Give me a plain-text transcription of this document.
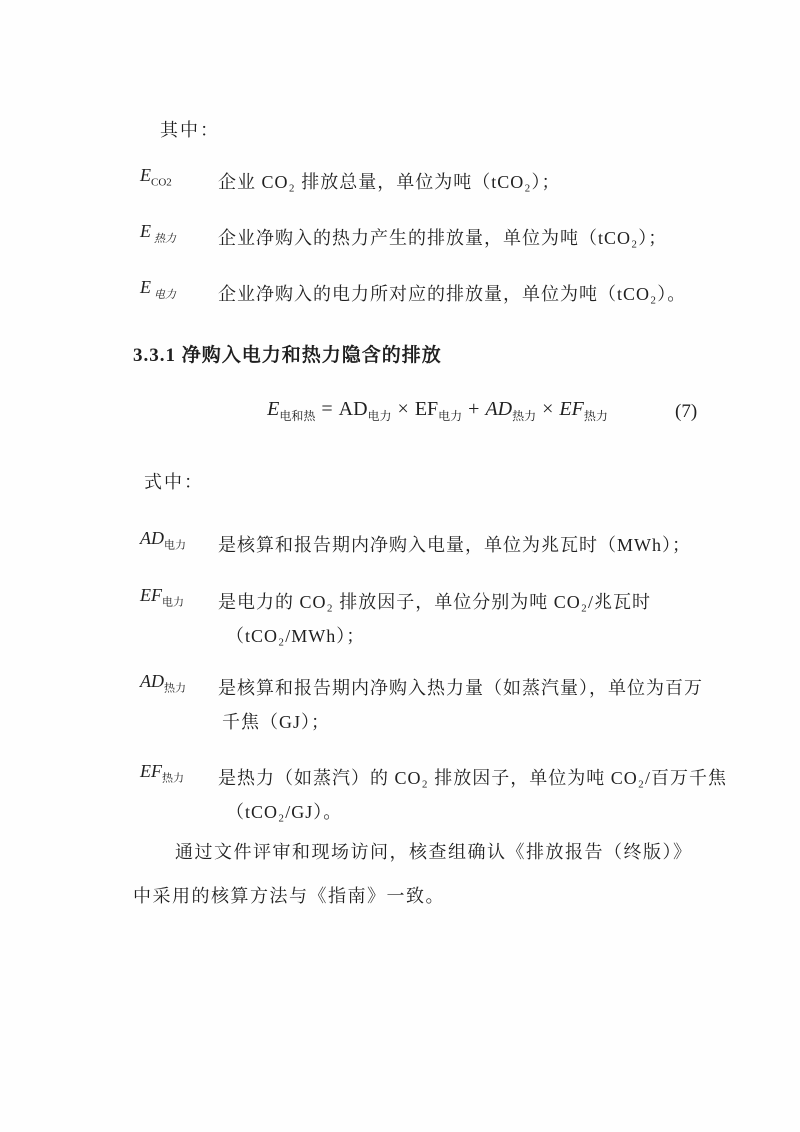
其中：
$E_{CO2}$	企业 CO₂ 排放总量，单位为吨（tCO₂）；
E $_{热力}$	企业净购入的热力产生的排放量，单位为吨（tCO₂）；
E $_{电力}$	企业净购入的电力所对应的排放量，单位为吨（tCO₂）。
3.3.1 净购入电力和热力隐含的排放
$E_{电和热} = AD_{电力} \times EF_{电力} + AD_{热力} \times EF_{热力}$	(7)
式中：
$AD_{电力}$	是核算和报告期内净购入电量，单位为兆瓦时（MWh）；
$EF_{电力}$	是电力的 CO₂ 排放因子，单位分别为吨 CO₂/兆瓦时
（tCO₂/MWh）；
$AD_{热力}$	是核算和报告期内净购入热力量（如蒸汽量），单位为百万
千焦（GJ）；
$EF_{热力}$	是热力（如蒸汽）的 CO₂ 排放因子，单位为吨 CO₂/百万千焦
（tCO₂/GJ）。
通过文件评审和现场访问，核查组确认《排放报告（终版）》
中采用的核算方法与《指南》一致。
